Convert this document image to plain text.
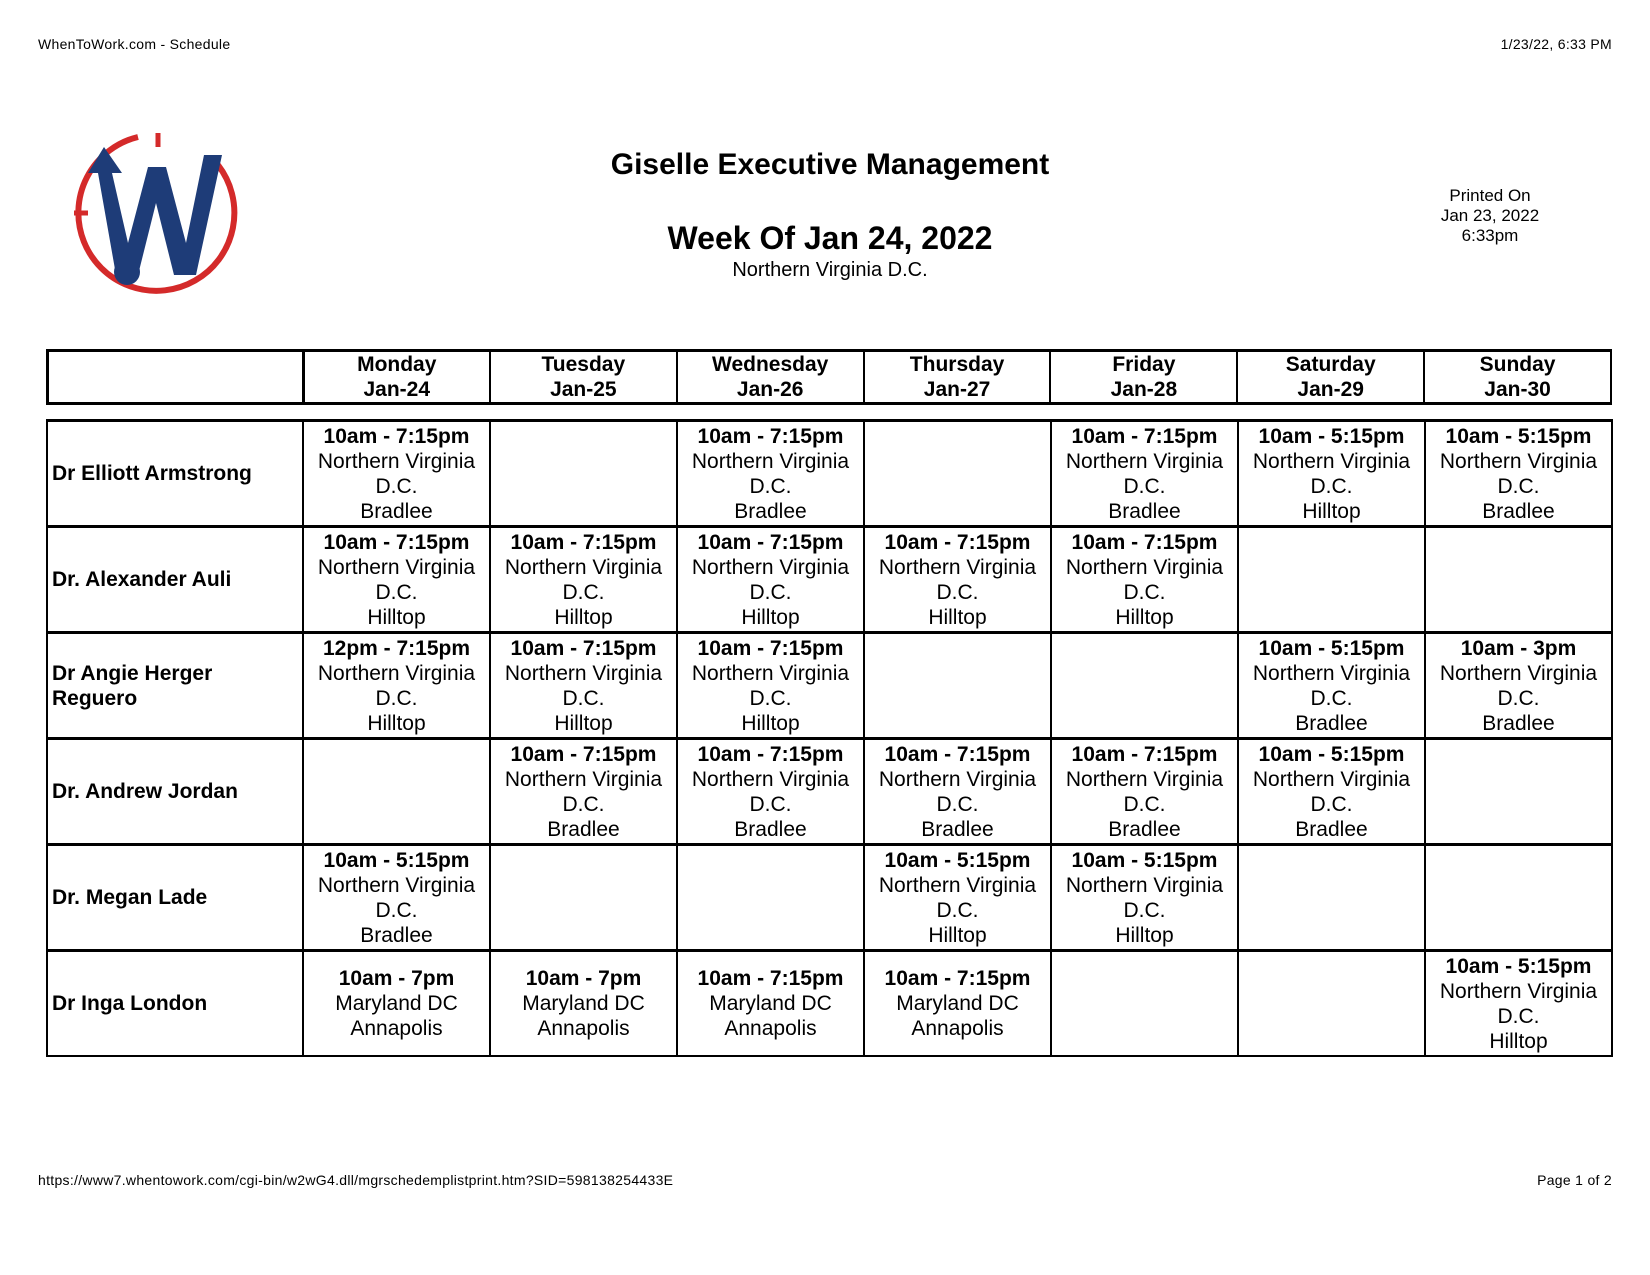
WhenToWork.com - Schedule	1/23/22, 6:33 PM
Giselle Executive Management
Week Of Jan 24, 2022
Northern Virginia D.C.
Printed On
Jan 23, 2022
6:33pm

Monday
Jan-24

Tuesday
Jan-25

Wednesday
Jan-26

Thursday
Jan-27

Friday
Jan-28

Saturday
Jan-29

Sunday
Jan-30
Dr Elliott Armstrong	10am - 7:15pm
Northern Virginia
D.C.
Bradlee		10am - 7:15pm
Northern Virginia
D.C.
Bradlee		10am - 7:15pm
Northern Virginia
D.C.
Bradlee	10am - 5:15pm
Northern Virginia
D.C.
Hilltop	10am - 5:15pm
Northern Virginia
D.C.
Bradlee

Dr. Alexander Auli	10am - 7:15pm
Northern Virginia
D.C.
Hilltop	10am - 7:15pm
Northern Virginia
D.C.
Hilltop	10am - 7:15pm
Northern Virginia
D.C.
Hilltop	10am - 7:15pm
Northern Virginia
D.C.
Hilltop	10am - 7:15pm
Northern Virginia
D.C.
Hilltop		

Dr Angie Herger Reguero	12pm - 7:15pm
Northern Virginia
D.C.
Hilltop	10am - 7:15pm
Northern Virginia
D.C.
Hilltop	10am - 7:15pm
Northern Virginia
D.C.
Hilltop			10am - 5:15pm
Northern Virginia
D.C.
Bradlee	10am - 3pm
Northern Virginia
D.C.
Bradlee

Dr. Andrew Jordan		10am - 7:15pm
Northern Virginia
D.C.
Bradlee	10am - 7:15pm
Northern Virginia
D.C.
Bradlee	10am - 7:15pm
Northern Virginia
D.C.
Bradlee	10am - 7:15pm
Northern Virginia
D.C.
Bradlee	10am - 5:15pm
Northern Virginia
D.C.
Bradlee	

Dr. Megan Lade	10am - 5:15pm
Northern Virginia
D.C.
Bradlee			10am - 5:15pm
Northern Virginia
D.C.
Hilltop	10am - 5:15pm
Northern Virginia
D.C.
Hilltop		

Dr Inga London	10am - 7pm
Maryland DC
Annapolis	10am - 7pm
Maryland DC
Annapolis	10am - 7:15pm
Maryland DC
Annapolis	10am - 7:15pm
Maryland DC
Annapolis			10am - 5:15pm
Northern Virginia
D.C.
Hilltop
https://www7.whentowork.com/cgi-bin/w2wG4.dll/mgrschedemplistprint.htm?SID=598138254433E	Page 1 of 2
